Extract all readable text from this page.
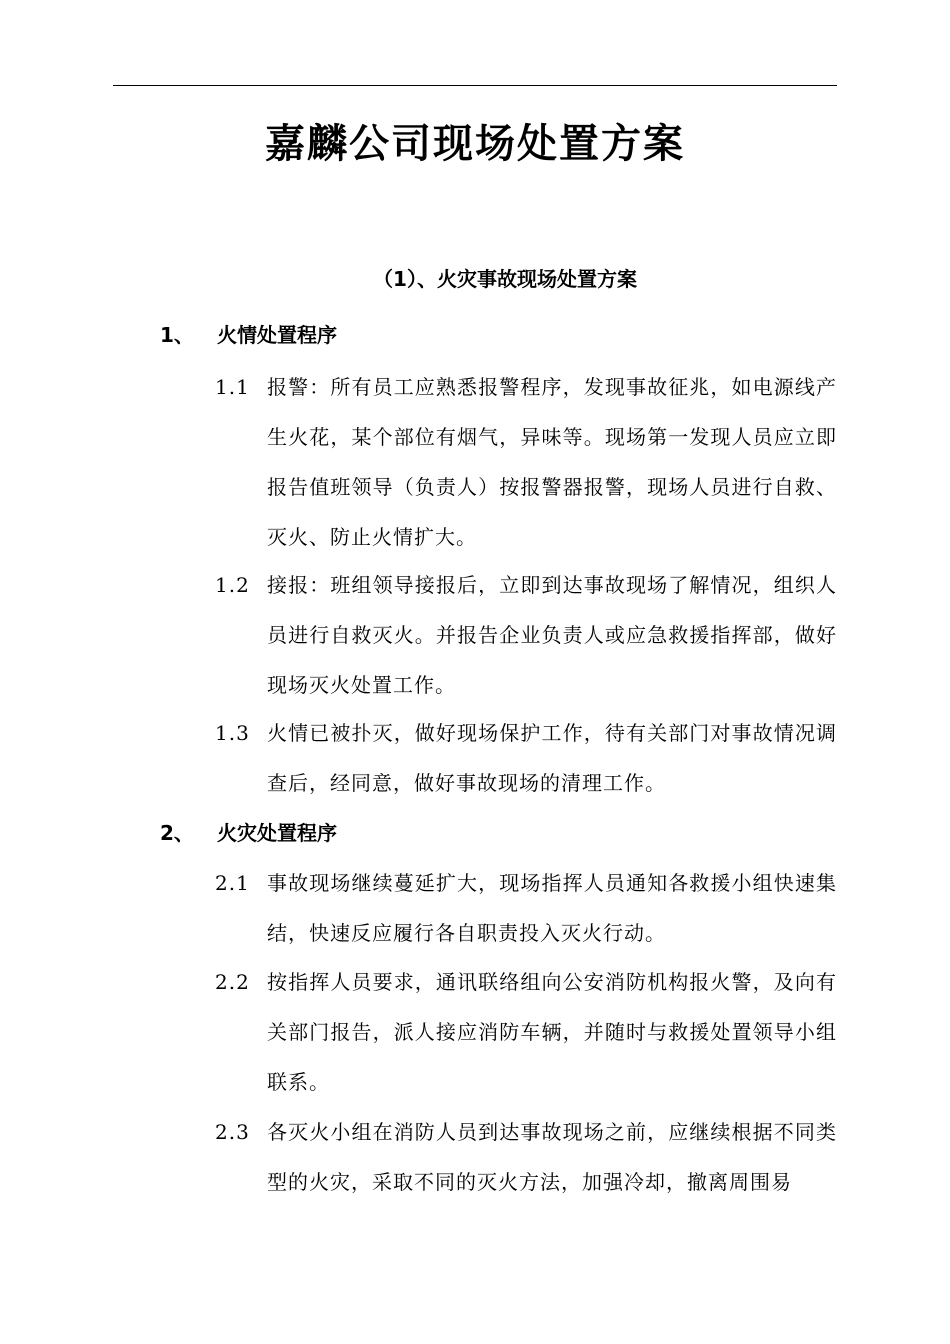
嘉麟公司现场处置方案
（1）、火灾事故现场处置方案
1、 火情处置程序
1.1 报警：所有员工应熟悉报警程序，发现事故征兆，如电源线产生火花，某个部位有烟气，异味等。现场第一发现人员应立即报告值班领导（负责人）按报警器报警，现场人员进行自救、灭火、防止火情扩大。
1.2 接报：班组领导接报后，立即到达事故现场了解情况，组织人员进行自救灭火。并报告企业负责人或应急救援指挥部，做好现场灭火处置工作。
1.3 火情已被扑灭，做好现场保护工作，待有关部门对事故情况调查后，经同意，做好事故现场的清理工作。
2、 火灾处置程序
2.1 事故现场继续蔓延扩大，现场指挥人员通知各救援小组快速集结，快速反应履行各自职责投入灭火行动。
2.2 按指挥人员要求，通讯联络组向公安消防机构报火警，及向有关部门报告，派人接应消防车辆，并随时与救援处置领导小组联系。
2.3 各灭火小组在消防人员到达事故现场之前，应继续根据不同类型的火灾，采取不同的灭火方法，加强冷却，撤离周围易
